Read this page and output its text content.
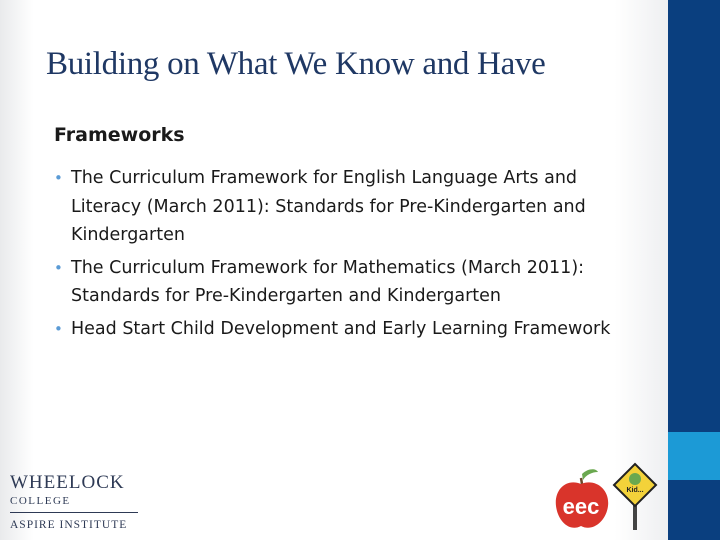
Building on What We Know and Have
Frameworks
• The Curriculum Framework for English Language Arts and Literacy (March 2011): Standards for Pre-Kindergarten and Kindergarten
• The Curriculum Framework for Mathematics (March 2011): Standards for Pre-Kindergarten and Kindergarten
• Head Start Child Development and Early Learning Framework
WHEELOCK
COLLEGE
ASPIRE INSTITUTE
eec
Kid...
